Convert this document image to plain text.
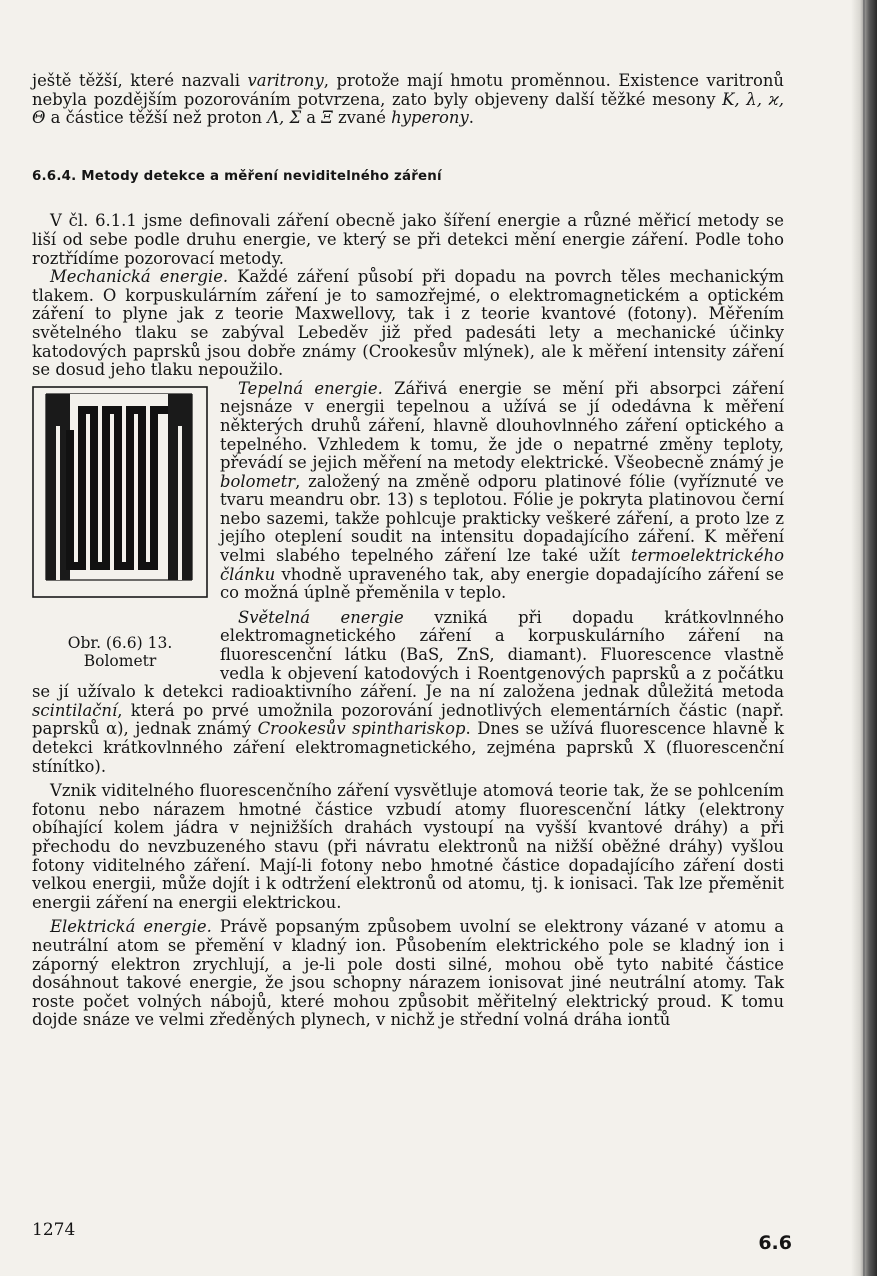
ještě těžší, které nazvali varitrony, protože mají hmotu proměnnou. Existence varitronů nebyla pozdějším pozorováním potvrzena, zato byly objeveny další těžké mesony K, λ, ϰ, Θ a částice těžší než proton Λ, Σ a Ξ zvané hyperony.

6.6.4. Metody detekce a měření neviditelného záření

V čl. 6.1.1 jsme definovali záření obecně jako šíření energie a různé měřicí metody se liší od sebe podle druhu energie, ve který se při detekci mění energie záření. Podle toho roztřídíme pozorovací metody.

Mechanická energie. Každé záření působí při dopadu na povrch těles mechanickým tlakem. O korpuskulárním záření je to samozřejmé, o elektromagnetickém a optickém záření to plyne jak z teorie Maxwellovy, tak i z teorie kvantové (fotony). Měřením světelného tlaku se zabýval Lebeděv již před padesáti lety a mechanické účinky katodových paprsků jsou dobře známy (Crookesův mlýnek), ale k měření intensity záření se dosud jeho tlaku nepoužilo.

Obr. (6.6) 13. Bolometr

Tepelná energie. Zářivá energie se mění při absorpci záření nejsnáze v energii tepelnou a užívá se jí odedávna k měření některých druhů záření, hlavně dlouhovlnného záření optického a tepelného. Vzhledem k tomu, že jde o nepatrné změny teploty, převádí se jejich měření na metody elektrické. Všeobecně známý je bolometr, založený na změně odporu platinové fólie (vyříznuté ve tvaru meandru obr. 13) s teplotou. Fólie je pokryta platinovou černí nebo sazemi, takže pohlcuje prakticky veškeré záření, a proto lze z jejího oteplení soudit na intensitu dopadajícího záření. K měření velmi slabého tepelného záření lze také užít termoelektrického článku vhodně upraveného tak, aby energie dopadajícího záření se co možná úplně přeměnila v teplo.

Světelná energie vzniká při dopadu krátkovlnného elektromagnetického záření a korpuskulárního záření na fluorescenční látku (BaS, ZnS, diamant). Fluorescence vlastně vedla k objevení katodových i Roentgenových paprsků a z počátku se jí užívalo k detekci radioaktivního záření. Je na ní založena jednak důležitá metoda scintilační, která po prvé umožnila pozorování jednotlivých elementárních částic (např. paprsků α), jednak známý Crookesův spinthariskop. Dnes se užívá fluorescence hlavně k detekci krátkovlnného záření elektromagnetického, zejména paprsků X (fluorescenční stínítko).

Vznik viditelného fluorescenčního záření vysvětluje atomová teorie tak, že se pohlcením fotonu nebo nárazem hmotné částice vzbudí atomy fluorescenční látky (elektrony obíhající kolem jádra v nejnižších drahách vystoupí na vyšší kvantové dráhy) a při přechodu do nevzbuzeného stavu (při návratu elektronů na nižší oběžné dráhy) vyšlou fotony viditelného záření. Mají-li fotony nebo hmotné částice dopadajícího záření dosti velkou energii, může dojít i k odtržení elektronů od atomu, tj. k ionisaci. Tak lze přeměnit energii záření na energii elektrickou.

Elektrická energie. Právě popsaným způsobem uvolní se elektrony vázané v atomu a neutrální atom se přemění v kladný ion. Působením elektrického pole se kladný ion i záporný elektron zrychlují, a je-li pole dosti silné, mohou obě tyto nabité částice dosáhnout takové energie, že jsou schopny nárazem ionisovat jiné neutrální atomy. Tak roste počet volných nábojů, které mohou způsobit měřitelný elektrický proud. K tomu dojde snáze ve velmi zředěných plynech, v nichž je střední volná dráha iontů

1274
6.6
